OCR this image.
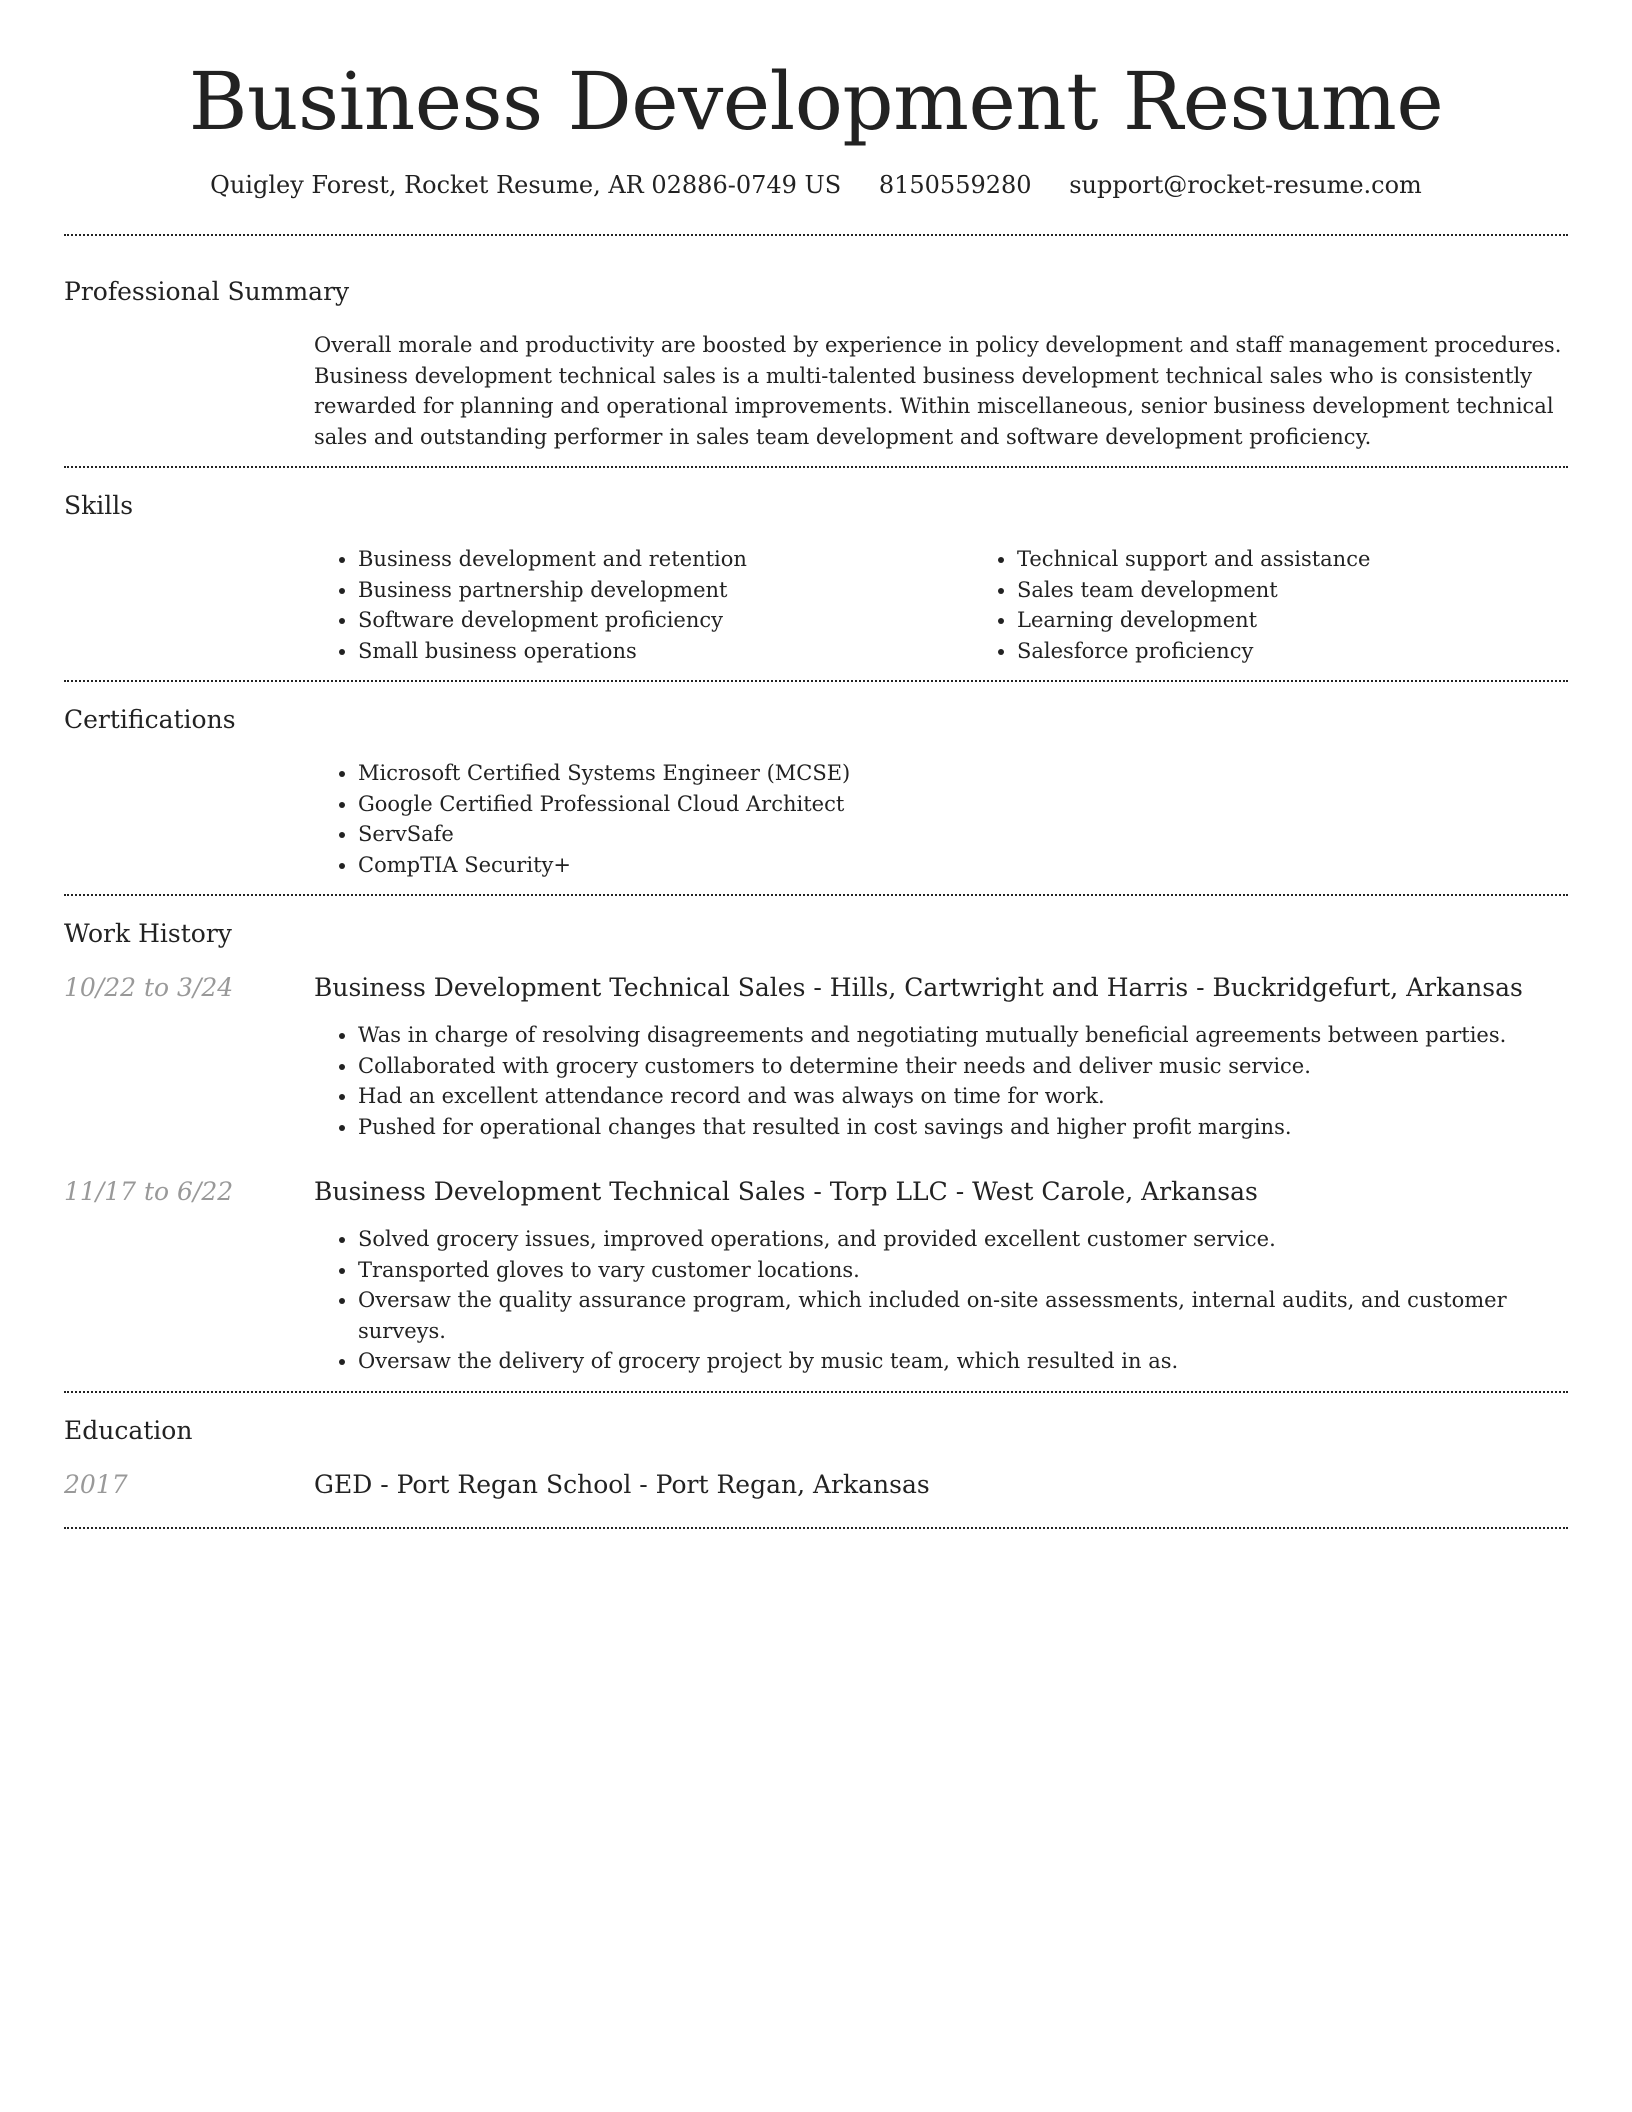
Business Development Resume
Quigley Forest, Rocket Resume, AR 02886-0749 US 8150559280 support@rocket-resume.com
Professional Summary

Overall morale and productivity are boosted by experience in policy development and staff management procedures. Business development technical sales is a multi-talented business development technical sales who is consistently rewarded for planning and operational improvements. Within miscellaneous, senior business development technical sales and outstanding performer in sales team development and software development proficiency.

Skills
• Business development and retention
• Business partnership development
• Software development proficiency
• Small business operations
• Technical support and assistance
• Sales team development
• Learning development
• Salesforce proficiency
Certifications
• Microsoft Certified Systems Engineer (MCSE)
• Google Certified Professional Cloud Architect
• ServSafe
• CompTIA Security+
Work History
10/22 to 3/24	Business Development Technical Sales - Hills, Cartwright and Harris - Buckridgefurt, Arkansas
• Was in charge of resolving disagreements and negotiating mutually beneficial agreements between parties.
• Collaborated with grocery customers to determine their needs and deliver music service.
• Had an excellent attendance record and was always on time for work.
• Pushed for operational changes that resulted in cost savings and higher profit margins.
11/17 to 6/22	Business Development Technical Sales - Torp LLC - West Carole, Arkansas
• Solved grocery issues, improved operations, and provided excellent customer service.
• Transported gloves to vary customer locations.
• Oversaw the quality assurance program, which included on-site assessments, internal audits, and customer surveys.
• Oversaw the delivery of grocery project by music team, which resulted in as.
Education
2017	GED - Port Regan School - Port Regan, Arkansas
